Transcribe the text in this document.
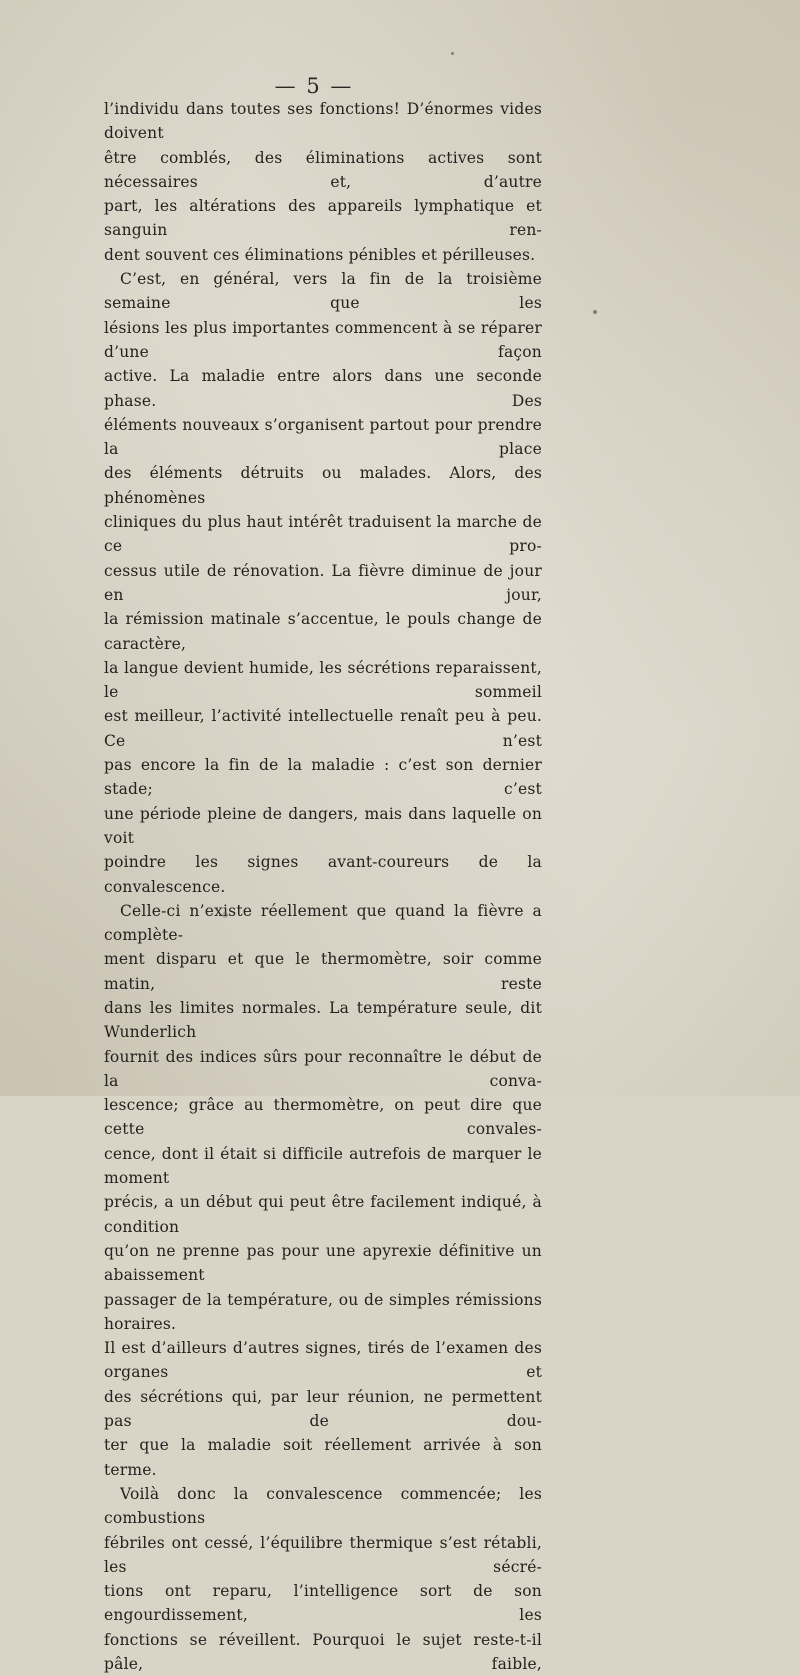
— 5 —

l’individu dans toutes ses fonctions! D’énormes vides doivent
être comblés, des éliminations actives sont nécessaires et, d’autre
part, les altérations des appareils lymphatique et sanguin ren-

dent souvent ces éliminations pénibles et périlleuses.

C’est, en général, vers la fin de la troisième semaine que les
lésions les plus importantes commencent à se réparer d’une façon
active. La maladie entre alors dans une seconde phase. Des
éléments nouveaux s’organisent partout pour prendre la place
des éléments détruits ou malades. Alors, des phénomènes
cliniques du plus haut intérêt traduisent la marche de ce pro-
cessus utile de rénovation. La fièvre diminue de jour en jour,
la rémission matinale s’accentue, le pouls change de caractère,
la langue devient humide, les sécrétions reparaissent, le sommeil
est meilleur, l’activité intellectuelle renaît peu à peu. Ce n’est
pas encore la fin de la maladie : c’est son dernier stade; c’est
une période pleine de dangers, mais dans laquelle on voit

poindre les signes avant-coureurs de la convalescence.

Celle-ci n’existe réellement que quand la fièvre a complète-
ment disparu et que le thermomètre, soir comme matin, reste
dans les limites normales. La température seule, dit Wunderlich
fournit des indices sûrs pour reconnaître le début de la conva-
lescence; grâce au thermomètre, on peut dire que cette convales-
cence, dont il était si difficile autrefois de marquer le moment
précis, a un début qui peut être facilement indiqué, à condition
qu’on ne prenne pas pour une apyrexie définitive un abaissement
passager de la température, ou de simples rémissions horaires.
Il est d’ailleurs d’autres signes, tirés de l’examen des organes et
des sécrétions qui, par leur réunion, ne permettent pas de dou-

ter que la maladie soit réellement arrivée à son terme.

Voilà donc la convalescence commencée; les combustions
fébriles ont cessé, l’équilibre thermique s’est rétabli, les sécré-
tions ont reparu, l’intelligence sort de son engourdissement, les
fonctions se réveillent. Pourquoi le sujet reste-t-il pâle, faible,
